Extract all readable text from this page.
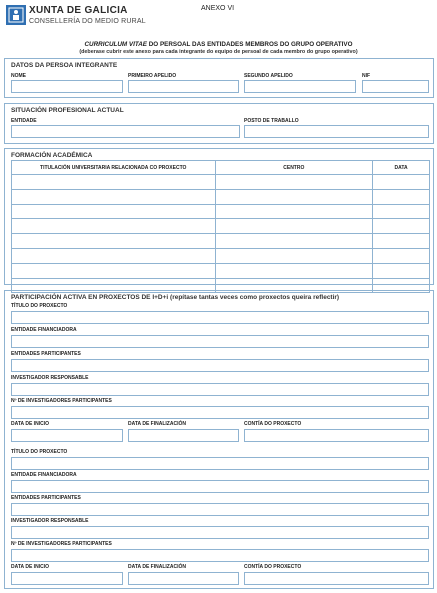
XUNTA DE GALICIA
CONSELLERÍA DO MEDIO RURAL
ANEXO VI
CURRICULUM VITAE DO PERSOAL DAS ENTIDADES MEMBROS DO GRUPO OPERATIVO
(deberase cubrir este anexo para cada integrante do equipo de persoal de cada membro do grupo operativo)
DATOS DA PERSOA INTEGRANTE
NOME	PRIMEIRO APELIDO	SEGUNDO APELIDO	NIF
SITUACIÓN PROFESIONAL ACTUAL
ENTIDADE	POSTO DE TRABALLO
FORMACIÓN ACADÉMICA
TITULACIÓN UNIVERSITARIA RELACIONADA CO PROXECTO	CENTRO	DATA

PARTICIPACIÓN ACTIVA EN PROXECTOS DE I+D+i (repítase tantas veces como proxectos queira reflectir)
TÍTULO DO PROXECTO
ENTIDADE FINANCIADORA
ENTIDADES PARTICIPANTES
INVESTIGADOR RESPONSABLE
Nº DE INVESTIGADORES PARTICIPANTES
DATA DE INICIO	DATA DE FINALIZACIÓN	CONTÍA DO PROXECTO
TÍTULO DO PROXECTO
ENTIDADE FINANCIADORA
ENTIDADES PARTICIPANTES
INVESTIGADOR RESPONSABLE
Nº DE INVESTIGADORES PARTICIPANTES
DATA DE INICIO	DATA DE FINALIZACIÓN	CONTÍA DO PROXECTO
